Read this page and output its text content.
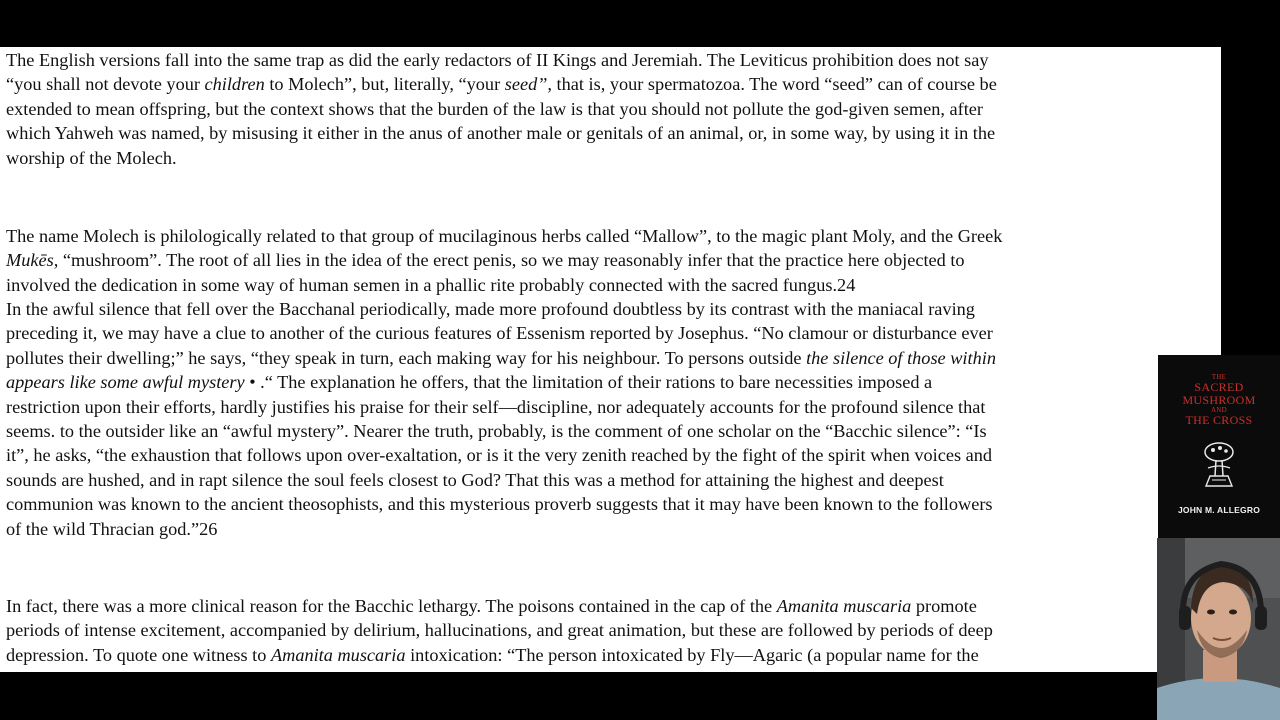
The English versions fall into the same trap as did the early redactors of II Kings and Jeremiah. The Leviticus prohibition does not say
“you shall not devote your children to Molech”, but, literally, “your seed”, that is, your spermatozoa. The word “seed” can of course be
extended to mean offspring, but the context shows that the burden of the law is that you should not pollute the god-given semen, after
which Yahweh was named, by misusing it either in the anus of another male or genitals of an animal, or, in some way, by using it in the
worship of the Molech.

The name Molech is philologically related to that group of mucilaginous herbs called “Mallow”, to the magic plant Moly, and the Greek
Mukēs, “mushroom”. The root of all lies in the idea of the erect penis, so we may reasonably infer that the practice here objected to
involved the dedication in some way of human semen in a phallic rite probably connected with the sacred fungus.24

In the awful silence that fell over the Bacchanal periodically, made more profound doubtless by its contrast with the maniacal raving
preceding it, we may have a clue to another of the curious features of Essenism reported by Josephus. “No clamour or disturbance ever
pollutes their dwelling;” he says, “they speak in turn, each making way for his neighbour. To persons outside the silence of those within
appears like some awful mystery • .“ The explanation he offers, that the limitation of their rations to bare necessities imposed a
restriction upon their efforts, hardly justifies his praise for their self—discipline, nor adequately accounts for the profound silence that
seems. to the outsider like an “awful mystery”. Nearer the truth, probably, is the comment of one scholar on the “Bacchic silence”: “Is
it”, he asks, “the exhaustion that follows upon over-exaltation, or is it the very zenith reached by the fight of the spirit when voices and
sounds are hushed, and in rapt silence the soul feels closest to God? That this was a method for attaining the highest and deepest
communion was known to the ancient theosophists, and this mysterious proverb suggests that it may have been known to the followers
of the wild Thracian god.”26

In fact, there was a more clinical reason for the Bacchic lethargy. The poisons contained in the cap of the Amanita muscaria promote
periods of intense excitement, accompanied by delirium, hallucinations, and great animation, but these are followed by periods of deep
depression. To quote one witness to Amanita muscaria intoxication: “The person intoxicated by Fly—Agaric (a popular name for the

THE
SACRED
MUSHROOM
AND
THE CROSS
JOHN M. ALLEGRO
